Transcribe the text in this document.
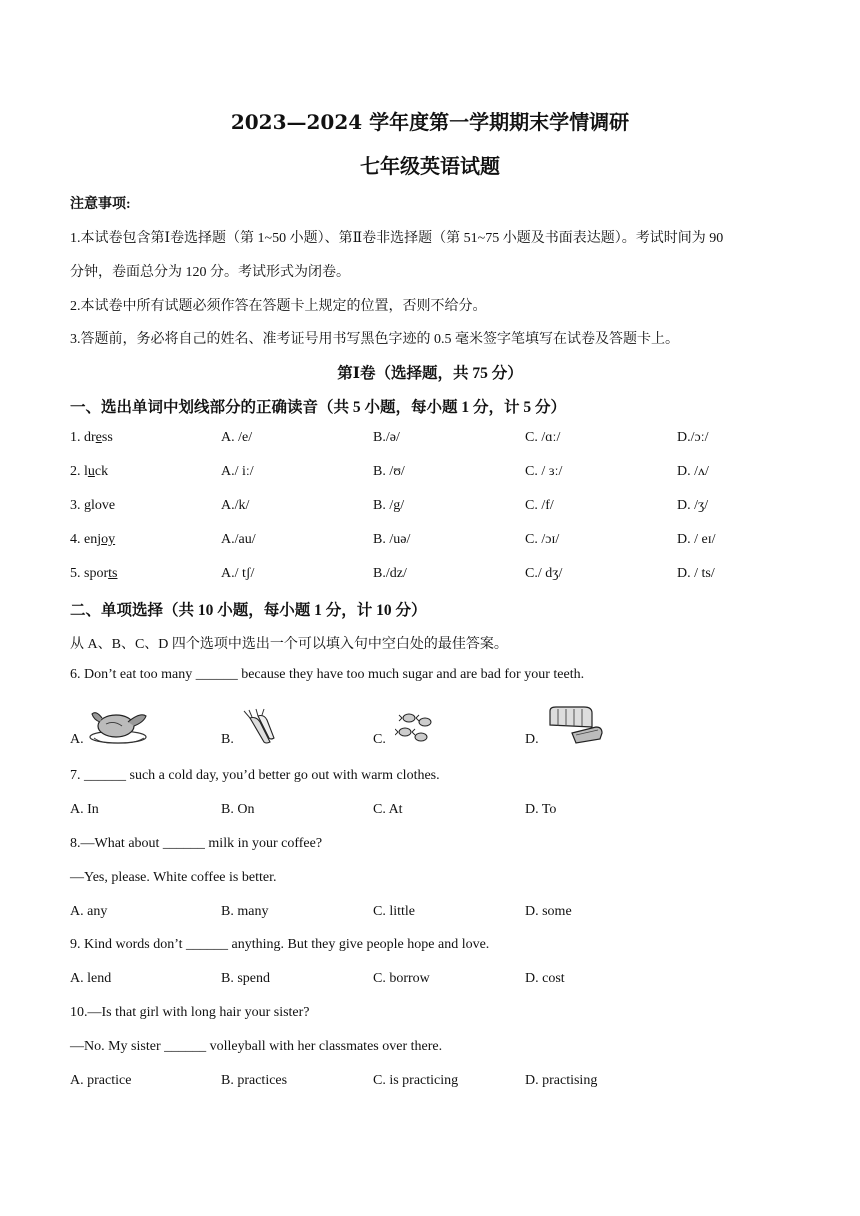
2023—2024 学年度第一学期期末学情调研
七年级英语试题
注意事项:
1.本试卷包含第Ⅰ卷选择题（第 1~50 小题）、第Ⅱ卷非选择题（第 51~75 小题及书面表达题）。考试时间为 90
分钟，卷面总分为 120 分。考试形式为闭卷。
2.本试卷中所有试题必须作答在答题卡上规定的位置，否则不给分。
3.答题前，务必将自己的姓名、准考证号用书写黑色字迹的 0.5 毫米签字笔填写在试卷及答题卡上。
第Ⅰ卷（选择题，共 75 分）
一、选出单词中划线部分的正确读音（共 5 小题，每小题 1 分，计 5 分）
1. dress	A. /e/	B./ə/	C. /ɑː/	D./ɔː/
2. luck	A./ iː/	B. /ʊ/	C. / ɜː/	D. /ʌ/
3. glove	A./k/	B. /g/	C. /f/	D. /ʒ/
4. enjoy	A./au/	B. /uə/	C. /ɔɪ/	D. / eɪ/
5. sports	A./ tʃ/	B./dz/	C./ dʒ/	D. / ts/
二、单项选择（共 10 小题，每小题 1 分，计 10 分）
从 A、B、C、D 四个选项中选出一个可以填入句中空白处的最佳答案。
6. Don’t eat too many ______ because they have too much sugar and are bad for your teeth.
A.	B.	C.	D.
7. ______ such a cold day, you’d better go out with warm clothes.
A. In	B. On	C. At	D. To
8.—What about ______ milk in your coffee?
—Yes, please. White coffee is better.
A. any	B. many	C. little	D. some
9. Kind words don’t ______ anything. But they give people hope and love.
A. lend	B. spend	C. borrow	D. cost
10.—Is that girl with long hair your sister?
—No. My sister ______ volleyball with her classmates over there.
A. practice	B. practices	C. is practicing	D. practising
